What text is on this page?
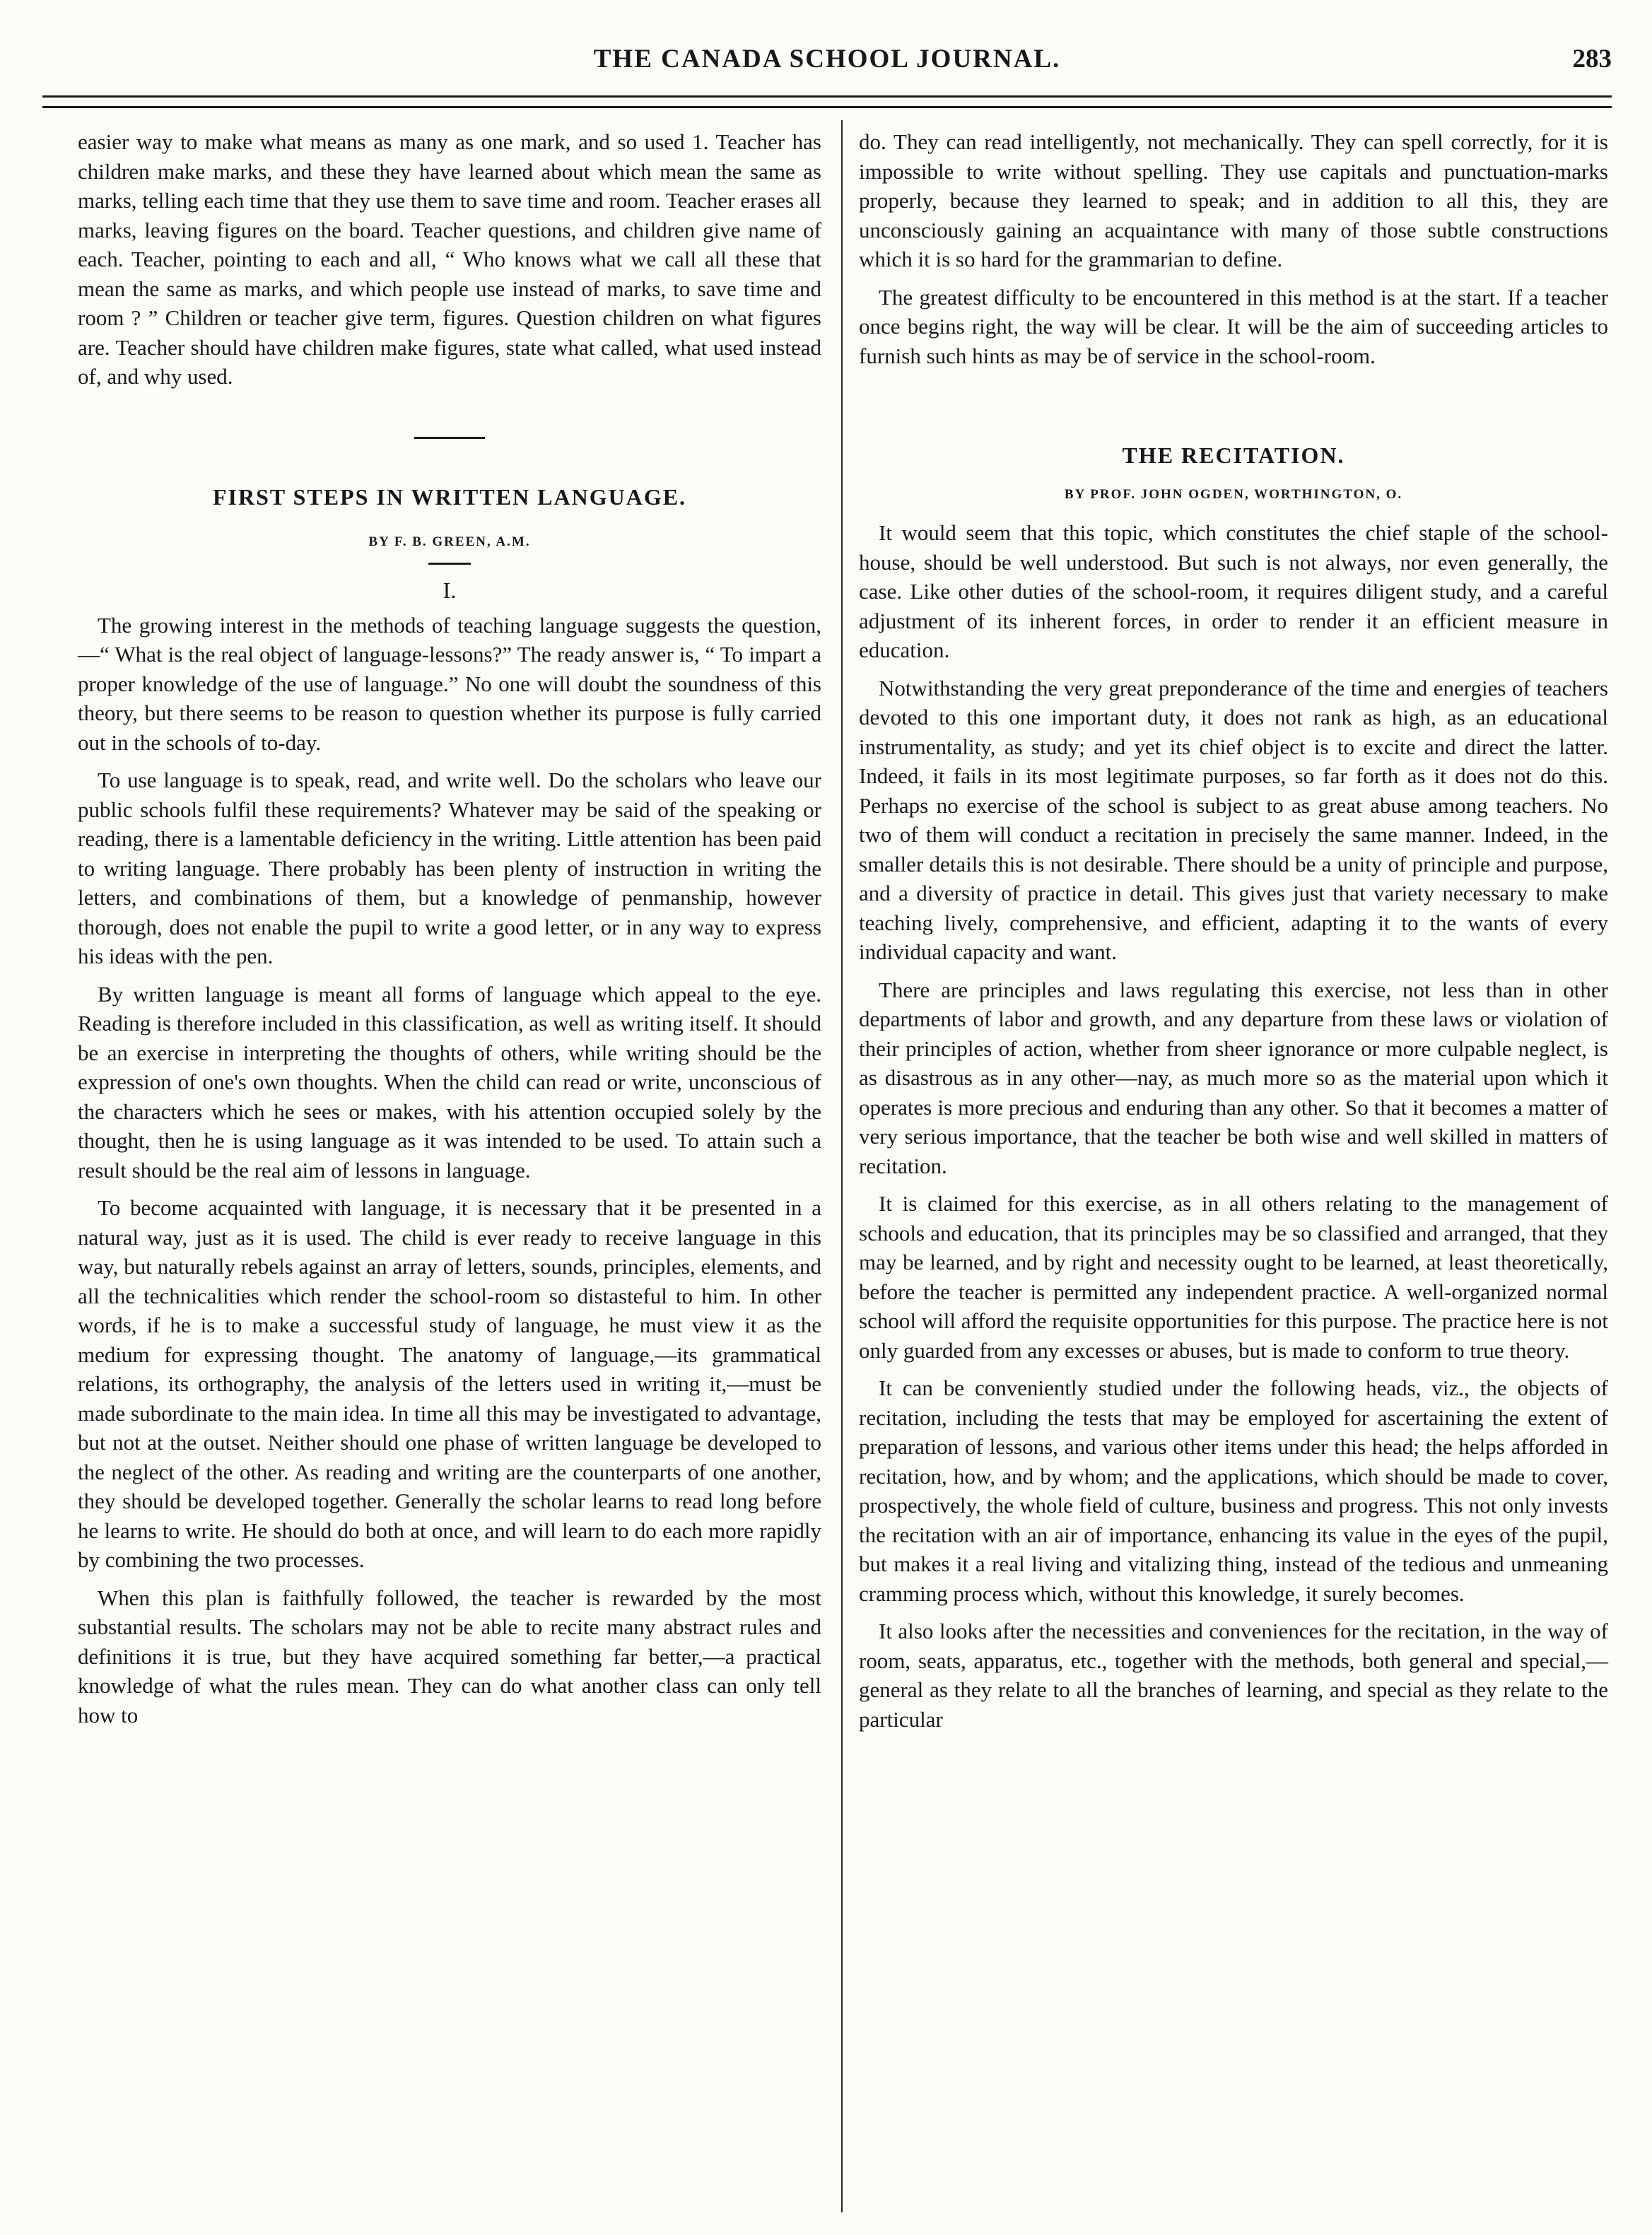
THE CANADA SCHOOL JOURNAL.	283

easier way to make what means as many as one mark, and so used 1. Teacher has children make marks, and these they have learned about which mean the same as marks, telling each time that they use them to save time and room. Teacher erases all marks, leaving figures on the board. Teacher questions, and children give name of each. Teacher, pointing to each and all, “ Who knows what we call all these that mean the same as marks, and which people use instead of marks, to save time and room ? ” Children or teacher give term, figures. Question children on what figures are. Teacher should have children make figures, state what called, what used instead of, and why used.

FIRST STEPS IN WRITTEN LANGUAGE.
BY F. B. GREEN, A.M.
I.

The growing interest in the methods of teaching language suggests the question,—“ What is the real object of language-lessons?” The ready answer is, “ To impart a proper knowledge of the use of language.” No one will doubt the soundness of this theory, but there seems to be reason to question whether its purpose is fully carried out in the schools of to-day.

To use language is to speak, read, and write well. Do the scholars who leave our public schools fulfil these requirements? Whatever may be said of the speaking or reading, there is a lamentable deficiency in the writing. Little attention has been paid to writing language. There probably has been plenty of instruction in writing the letters, and combinations of them, but a knowledge of penmanship, however thorough, does not enable the pupil to write a good letter, or in any way to express his ideas with the pen.

By written language is meant all forms of language which appeal to the eye. Reading is therefore included in this classification, as well as writing itself. It should be an exercise in interpreting the thoughts of others, while writing should be the expression of one's own thoughts. When the child can read or write, unconscious of the characters which he sees or makes, with his attention occupied solely by the thought, then he is using language as it was intended to be used. To attain such a result should be the real aim of lessons in language.

To become acquainted with language, it is necessary that it be presented in a natural way, just as it is used. The child is ever ready to receive language in this way, but naturally rebels against an array of letters, sounds, principles, elements, and all the technicalities which render the school-room so distasteful to him. In other words, if he is to make a successful study of language, he must view it as the medium for expressing thought. The anatomy of language,—its grammatical relations, its orthography, the analysis of the letters used in writing it,—must be made subordinate to the main idea. In time all this may be investigated to advantage, but not at the outset. Neither should one phase of written language be developed to the neglect of the other. As reading and writing are the counterparts of one another, they should be developed together. Generally the scholar learns to read long before he learns to write. He should do both at once, and will learn to do each more rapidly by combining the two processes.

When this plan is faithfully followed, the teacher is rewarded by the most substantial results. The scholars may not be able to recite many abstract rules and definitions it is true, but they have acquired something far better,—a practical knowledge of what the rules mean. They can do what another class can only tell how to

do. They can read intelligently, not mechanically. They can spell correctly, for it is impossible to write without spelling. They use capitals and punctuation-marks properly, because they learned to speak; and in addition to all this, they are unconsciously gaining an acquaintance with many of those subtle constructions which it is so hard for the grammarian to define.

The greatest difficulty to be encountered in this method is at the start. If a teacher once begins right, the way will be clear. It will be the aim of succeeding articles to furnish such hints as may be of service in the school-room.

THE RECITATION.
BY PROF. JOHN OGDEN, WORTHINGTON, O.

It would seem that this topic, which constitutes the chief staple of the school-house, should be well understood. But such is not always, nor even generally, the case. Like other duties of the school-room, it requires diligent study, and a careful adjustment of its inherent forces, in order to render it an efficient measure in education.

Notwithstanding the very great preponderance of the time and energies of teachers devoted to this one important duty, it does not rank as high, as an educational instrumentality, as study; and yet its chief object is to excite and direct the latter. Indeed, it fails in its most legitimate purposes, so far forth as it does not do this. Perhaps no exercise of the school is subject to as great abuse among teachers. No two of them will conduct a recitation in precisely the same manner. Indeed, in the smaller details this is not desirable. There should be a unity of principle and purpose, and a diversity of practice in detail. This gives just that variety necessary to make teaching lively, comprehensive, and efficient, adapting it to the wants of every individual capacity and want.

There are principles and laws regulating this exercise, not less than in other departments of labor and growth, and any departure from these laws or violation of their principles of action, whether from sheer ignorance or more culpable neglect, is as disastrous as in any other—nay, as much more so as the material upon which it operates is more precious and enduring than any other. So that it becomes a matter of very serious importance, that the teacher be both wise and well skilled in matters of recitation.

It is claimed for this exercise, as in all others relating to the management of schools and education, that its principles may be so classified and arranged, that they may be learned, and by right and necessity ought to be learned, at least theoretically, before the teacher is permitted any independent practice. A well-organized normal school will afford the requisite opportunities for this purpose. The practice here is not only guarded from any excesses or abuses, but is made to conform to true theory.

It can be conveniently studied under the following heads, viz., the objects of recitation, including the tests that may be employed for ascertaining the extent of preparation of lessons, and various other items under this head; the helps afforded in recitation, how, and by whom; and the applications, which should be made to cover, prospectively, the whole field of culture, business and progress. This not only invests the recitation with an air of importance, enhancing its value in the eyes of the pupil, but makes it a real living and vitalizing thing, instead of the tedious and unmeaning cramming process which, without this knowledge, it surely becomes.

It also looks after the necessities and conveniences for the recitation, in the way of room, seats, apparatus, etc., together with the methods, both general and special,—general as they relate to all the branches of learning, and special as they relate to the particular
